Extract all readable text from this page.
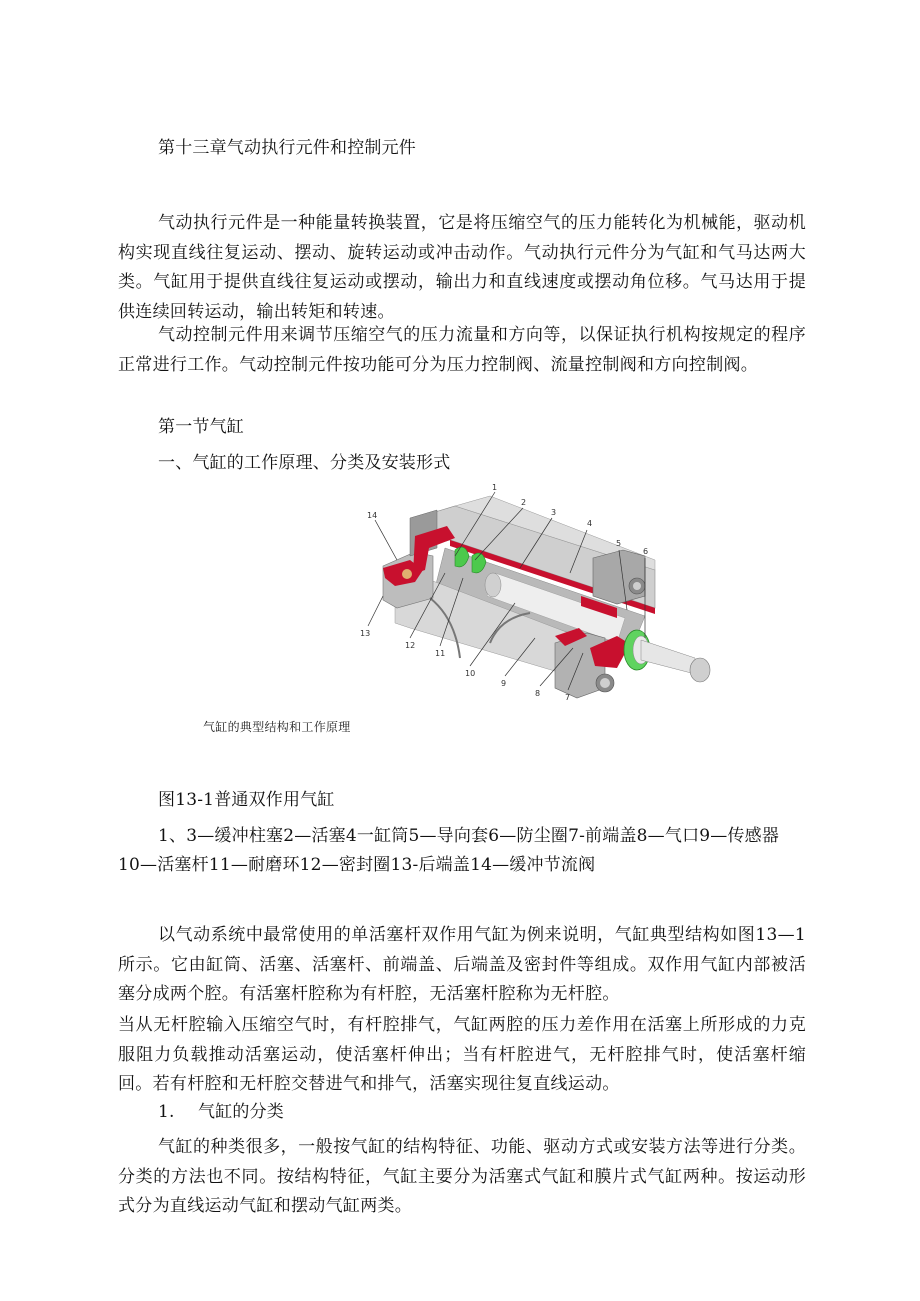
第十三章气动执行元件和控制元件
气动执行元件是一种能量转换装置，它是将压缩空气的压力能转化为机械能，驱动机构实现直线往复运动、摆动、旋转运动或冲击动作。气动执行元件分为气缸和气马达两大类。气缸用于提供直线往复运动或摆动，输出力和直线速度或摆动角位移。气马达用于提供连续回转运动，输出转矩和转速。
气动控制元件用来调节压缩空气的压力流量和方向等，以保证执行机构按规定的程序正常进行工作。气动控制元件按功能可分为压力控制阀、流量控制阀和方向控制阀。
第一节气缸
一、气缸的工作原理、分类及安装形式
1
2
3
4
5
6
7
8
9
10
11
12
13
14
气缸的典型结构和工作原理
图13-1普通双作用气缸
1、3—缓冲柱塞2—活塞4一缸筒5—导向套6—防尘圈7-前端盖8—气口9—传感器
10—活塞杆11—耐磨环12—密封圈13-后端盖14—缓冲节流阀
以气动系统中最常使用的单活塞杆双作用气缸为例来说明，气缸典型结构如图13—1所示。它由缸筒、活塞、活塞杆、前端盖、后端盖及密封件等组成。双作用气缸内部被活塞分成两个腔。有活塞杆腔称为有杆腔，无活塞杆腔称为无杆腔。
当从无杆腔输入压缩空气时，有杆腔排气，气缸两腔的压力差作用在活塞上所形成的力克服阻力负载推动活塞运动，使活塞杆伸出；当有杆腔进气，无杆腔排气时，使活塞杆缩回。若有杆腔和无杆腔交替进气和排气，活塞实现往复直线运动。
1. 气缸的分类
气缸的种类很多，一般按气缸的结构特征、功能、驱动方式或安装方法等进行分类。分类的方法也不同。按结构特征，气缸主要分为活塞式气缸和膜片式气缸两种。按运动形式分为直线运动气缸和摆动气缸两类。
